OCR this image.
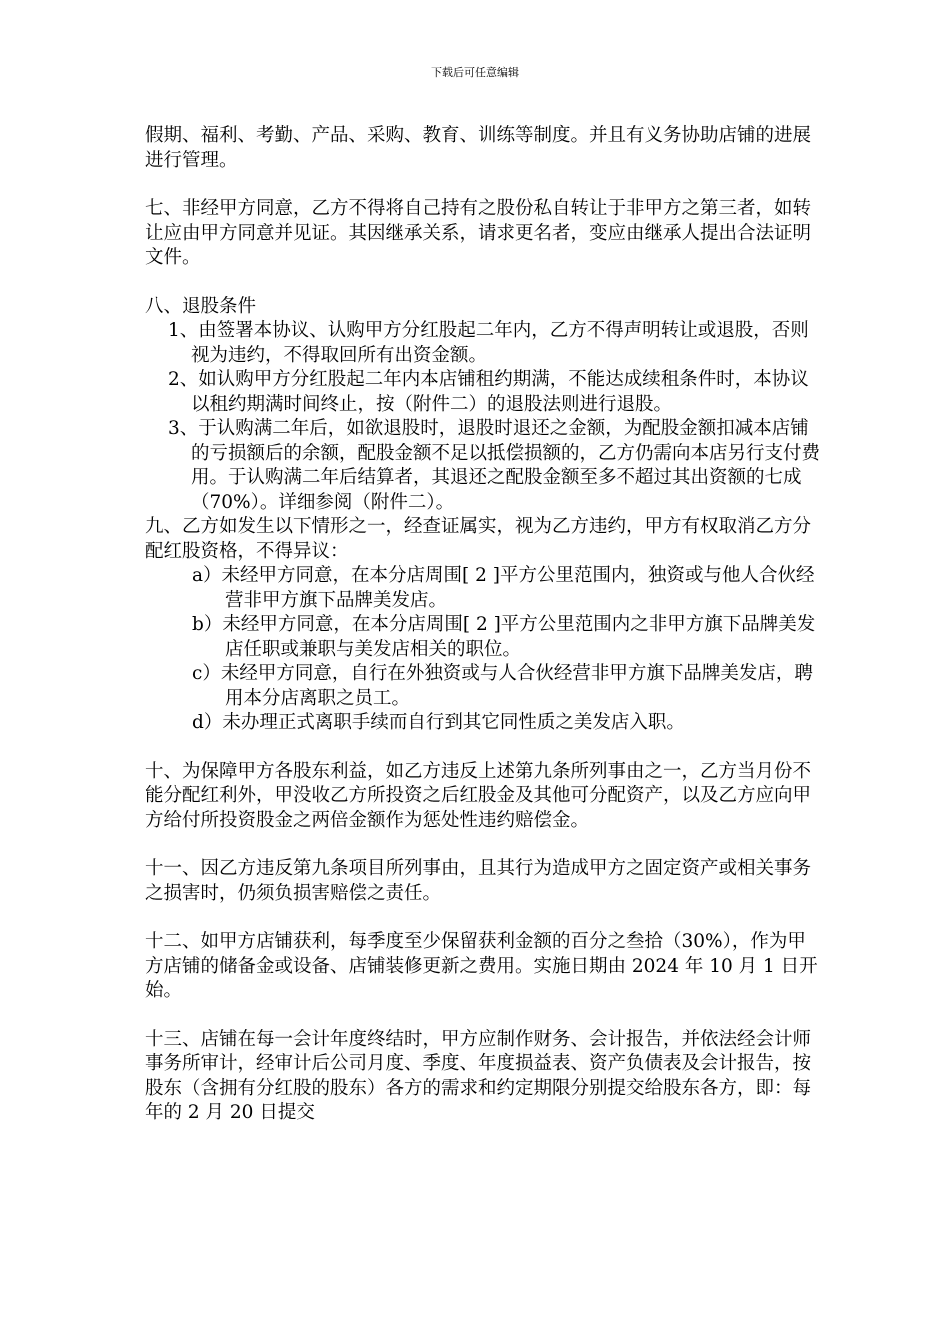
下载后可任意编辑

假期、福利、考勤、产品、采购、教育、训练等制度。并且有义务协助店铺的进展进行管理。

七、非经甲方同意，乙方不得将自己持有之股份私自转让于非甲方之第三者，如转让应由甲方同意并见证。其因继承关系，请求更名者，变应由继承人提出合法证明文件。

八、退股条件

1、由签署本协议、认购甲方分红股起二年内，乙方不得声明转让或退股，否则视为违约，不得取回所有出资金额。

2、如认购甲方分红股起二年内本店铺租约期满，不能达成续租条件时，本协议以租约期满时间终止，按（附件二）的退股法则进行退股。

3、于认购满二年后，如欲退股时，退股时退还之金额，为配股金额扣减本店铺的亏损额后的余额，配股金额不足以抵偿损额的，乙方仍需向本店另行支付费用。于认购满二年后结算者，其退还之配股金额至多不超过其出资额的七成（70%）。详细参阅（附件二）。

九、乙方如发生以下情形之一，经查证属实，视为乙方违约，甲方有权取消乙方分配红股资格，不得异议：

a）未经甲方同意，在本分店周围[ 2 ]平方公里范围内，独资或与他人合伙经营非甲方旗下品牌美发店。

b）未经甲方同意，在本分店周围[ 2 ]平方公里范围内之非甲方旗下品牌美发店任职或兼职与美发店相关的职位。

c）未经甲方同意，自行在外独资或与人合伙经营非甲方旗下品牌美发店，聘用本分店离职之员工。

d）未办理正式离职手续而自行到其它同性质之美发店入职。

十、为保障甲方各股东利益，如乙方违反上述第九条所列事由之一，乙方当月份不能分配红利外，甲没收乙方所投资之后红股金及其他可分配资产，以及乙方应向甲方给付所投资股金之两倍金额作为惩处性违约赔偿金。

十一、因乙方违反第九条项目所列事由，且其行为造成甲方之固定资产或相关事务之损害时，仍须负损害赔偿之责任。

十二、如甲方店铺获利，每季度至少保留获利金额的百分之叁拾（30%），作为甲方店铺的储备金或设备、店铺装修更新之费用。实施日期由 2024 年 10 月 1 日开始。

十三、店铺在每一会计年度终结时，甲方应制作财务、会计报告，并依法经会计师事务所审计，经审计后公司月度、季度、年度损益表、资产负债表及会计报告，按股东（含拥有分红股的股东）各方的需求和约定期限分别提交给股东各方，即：每年的 2 月 20 日提交
